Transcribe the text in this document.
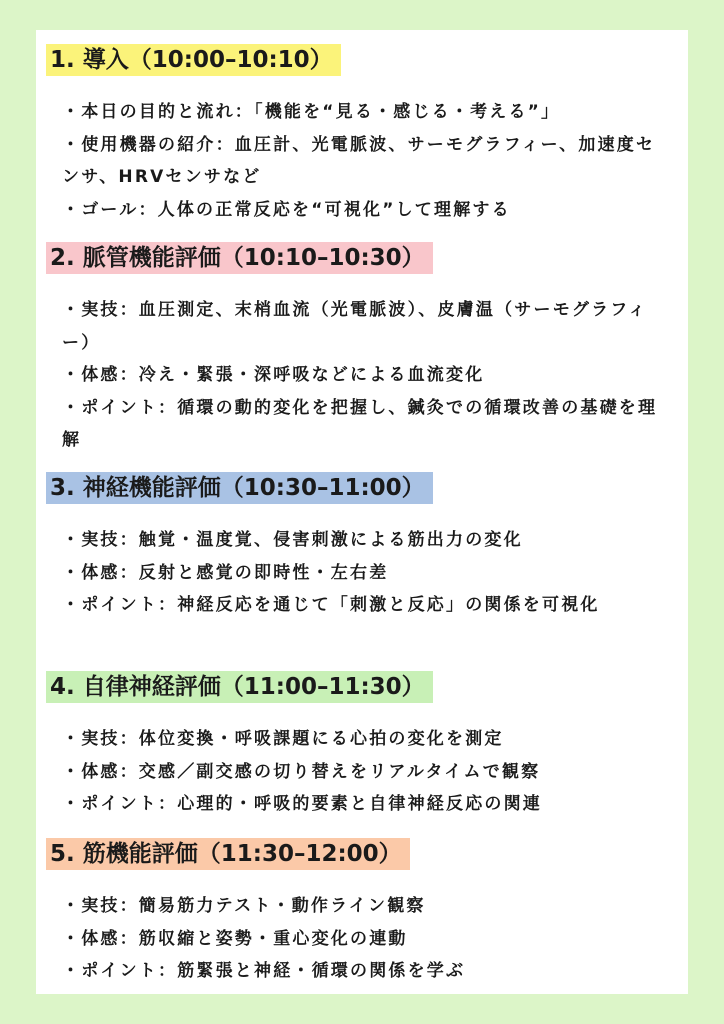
1. 導入（10:00–10:10）
・本日の目的と流れ：「機能を“見る・感じる・考える”」
・使用機器の紹介：血圧計、光電脈波、サーモグラフィー、加速度センサ、HRVセンサなど
・ゴール：人体の正常反応を“可視化”して理解する
2. 脈管機能評価（10:10–10:30）
・実技：血圧測定、末梢血流（光電脈波）、皮膚温（サーモグラフィー）
・体感：冷え・緊張・深呼吸などによる血流変化
・ポイント：循環の動的変化を把握し、鍼灸での循環改善の基礎を理解
3. 神経機能評価（10:30–11:00）
・実技：触覚・温度覚、侵害刺激による筋出力の変化
・体感：反射と感覚の即時性・左右差
・ポイント：神経反応を通じて「刺激と反応」の関係を可視化
4. 自律神経評価（11:00–11:30）
・実技：体位変換・呼吸課題にる心拍の変化を測定
・体感：交感／副交感の切り替えをリアルタイムで観察
・ポイント：心理的・呼吸的要素と自律神経反応の関連
5. 筋機能評価（11:30–12:00）
・実技：簡易筋力テスト・動作ライン観察
・体感：筋収縮と姿勢・重心変化の連動
・ポイント：筋緊張と神経・循環の関係を学ぶ
